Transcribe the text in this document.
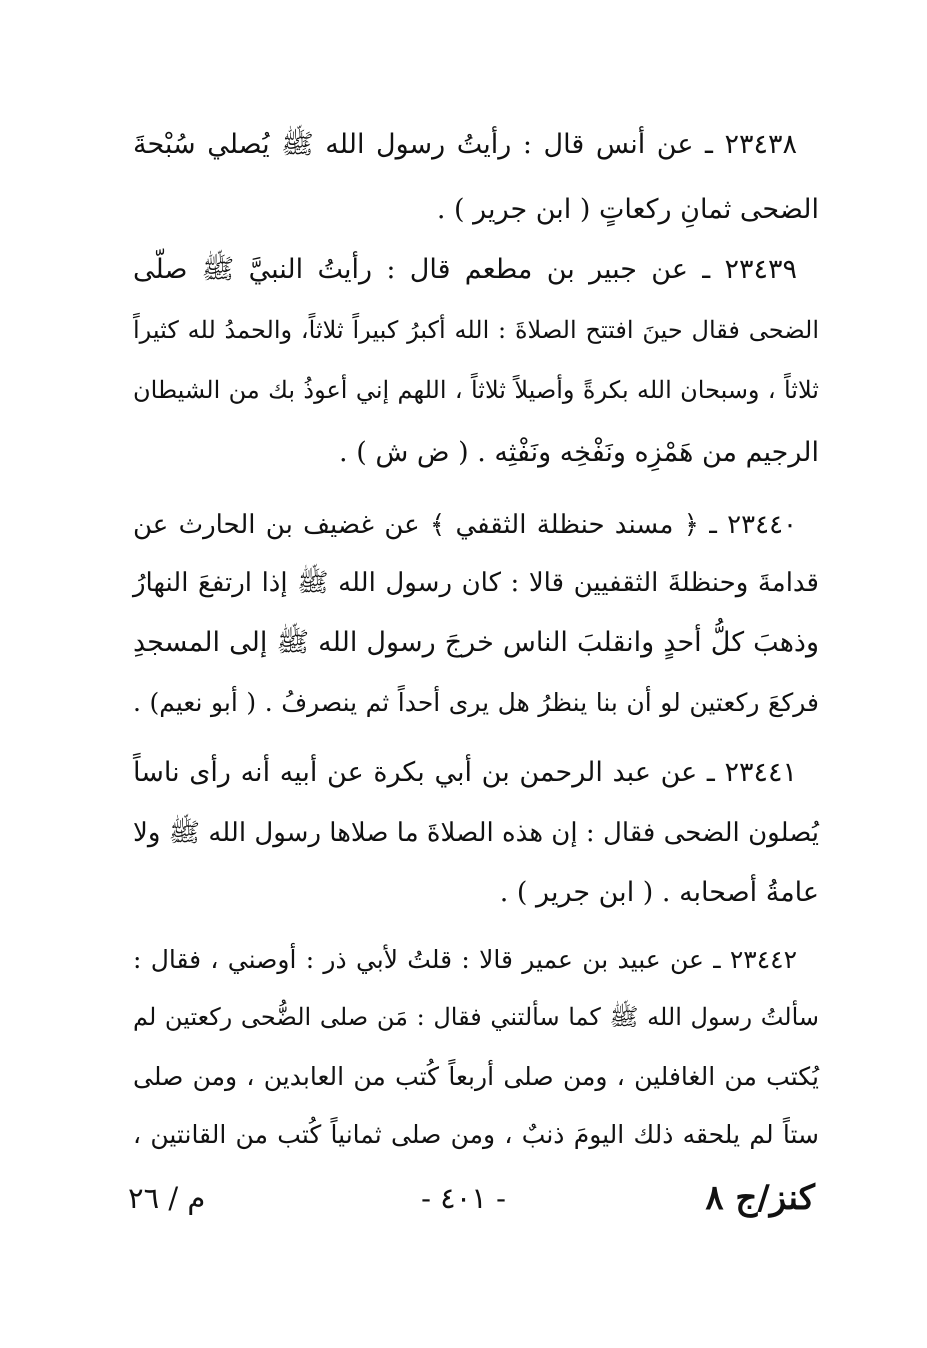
٢٣٤٣٨ ـ عن أنس قال : رأيتُ رسول الله ﷺ يُصلي سُبْحةَ
الضحى ثمانِ ركعاتٍ ( ابن جرير ) .
٢٣٤٣٩ ـ عن جبير بن مطعم قال : رأيتُ النبيَّ ﷺ صلّى
الضحى فقال حينَ افتتح الصلاةَ : الله أكبرُ كبيراً ثلاثاً، والحمدُ لله كثيراً
ثلاثاً ، وسبحان الله بكرةً وأصيلاً ثلاثاً ، اللهم إني أعوذُ بك من الشيطان
الرجيم من هَمْزِه ونَفْخِه ونَفْثِه . ( ض ش ) .
٢٣٤٤٠ ـ ﴿ مسند حنظلة الثقفي ﴾ عن غضيف بن الحارث عن
قدامةَ وحنظلةَ الثقفيين قالا : كان رسول الله ﷺ إذا ارتفعَ النهارُ
وذهبَ كلُّ أحدٍ وانقلبَ الناس خرجَ رسول الله ﷺ إلى المسجدِ
فركعَ ركعتين لو أن بنا ينظرُ هل يرى أحداً ثم ينصرفُ . ( أبو نعيم) .
٢٣٤٤١ ـ عن عبد الرحمن بن أبي بكرة عن أبيه أنه رأى ناساً
يُصلون الضحى فقال : إن هذه الصلاةَ ما صلاها رسول الله ﷺ ولا
عامةُ أصحابه . ( ابن جرير ) .
٢٣٤٤٢ ـ عن عبيد بن عمير قالا : قلتُ لأبي ذر : أوصني ، فقال :
سألتُ رسول الله ﷺ كما سألتني فقال : مَن صلى الضُّحى ركعتين لم
يُكتب من الغافلين ، ومن صلى أربعاً كُتب من العابدين ، ومن صلى
ستاً لم يلحقه ذلك اليومَ ذنبٌ ، ومن صلى ثمانياً كُتب من القانتين ،
كنز/ج ٨
- ٤٠١ -
م / ٢٦
